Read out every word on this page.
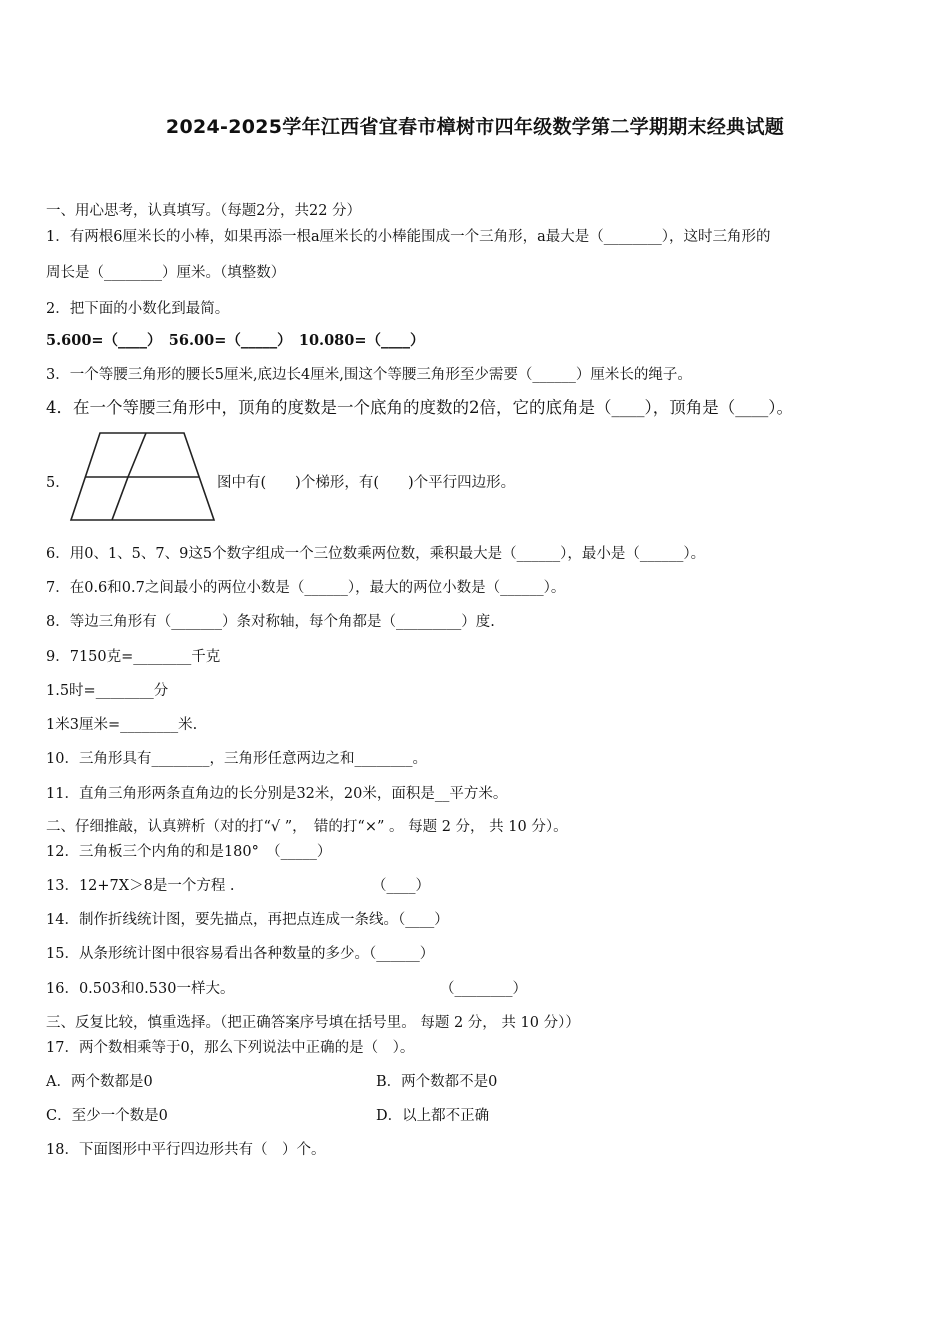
2024-2025学年江西省宜春市樟树市四年级数学第二学期期末经典试题
一、用心思考，认真填写。（每题2分，共22 分）
1．有两根6厘米长的小棒，如果再添一根a厘米长的小棒能围成一个三角形，a最大是（________），这时三角形的
周长是（________）厘米。（填整数）
2．把下面的小数化到最简。
5.600=（____）　56.00=（_____）　10.080=（____）
3．一个等腰三角形的腰长5厘米,底边长4厘米,围这个等腰三角形至少需要（______）厘米长的绳子。
4．在一个等腰三角形中，顶角的度数是一个底角的度数的2倍，它的底角是（____），顶角是（____）。
5．	图中有(　　)个梯形，有(　　)个平行四边形。
6．用0、1、5、7、9这5个数字组成一个三位数乘两位数，乘积最大是（______），最小是（______）。
7．在0.6和0.7之间最小的两位小数是（______），最大的两位小数是（______）。
8．等边三角形有（_______）条对称轴，每个角都是（_________）度.
9．7150克=________千克
1.5时=________分
1米3厘米=________米.
10．三角形具有________，三角形任意两边之和________。
11．直角三角形两条直角边的长分别是32米，20米，面积是__平方米。
二、仔细推敲，认真辨析（对的打“√ ”，　错的打“×” 。 每题 2 分， 共 10 分）。
12．三角板三个内角的和是180°　（_____）
13．12+7X＞8是一个方程 .	（____）
14．制作折线统计图，要先描点，再把点连成一条线。（____）
15．从条形统计图中很容易看出各种数量的多少。（______）
16．0.503和0.530一样大。	（________）
三、反复比较，慎重选择。（把正确答案序号填在括号里。 每题 2 分， 共 10 分））
17．两个数相乘等于0，那么下列说法中正确的是（　）。
A．两个数都是0	B．两个数都不是0
C．至少一个数是0	D．以上都不正确
18．下面图形中平行四边形共有（　）个。
